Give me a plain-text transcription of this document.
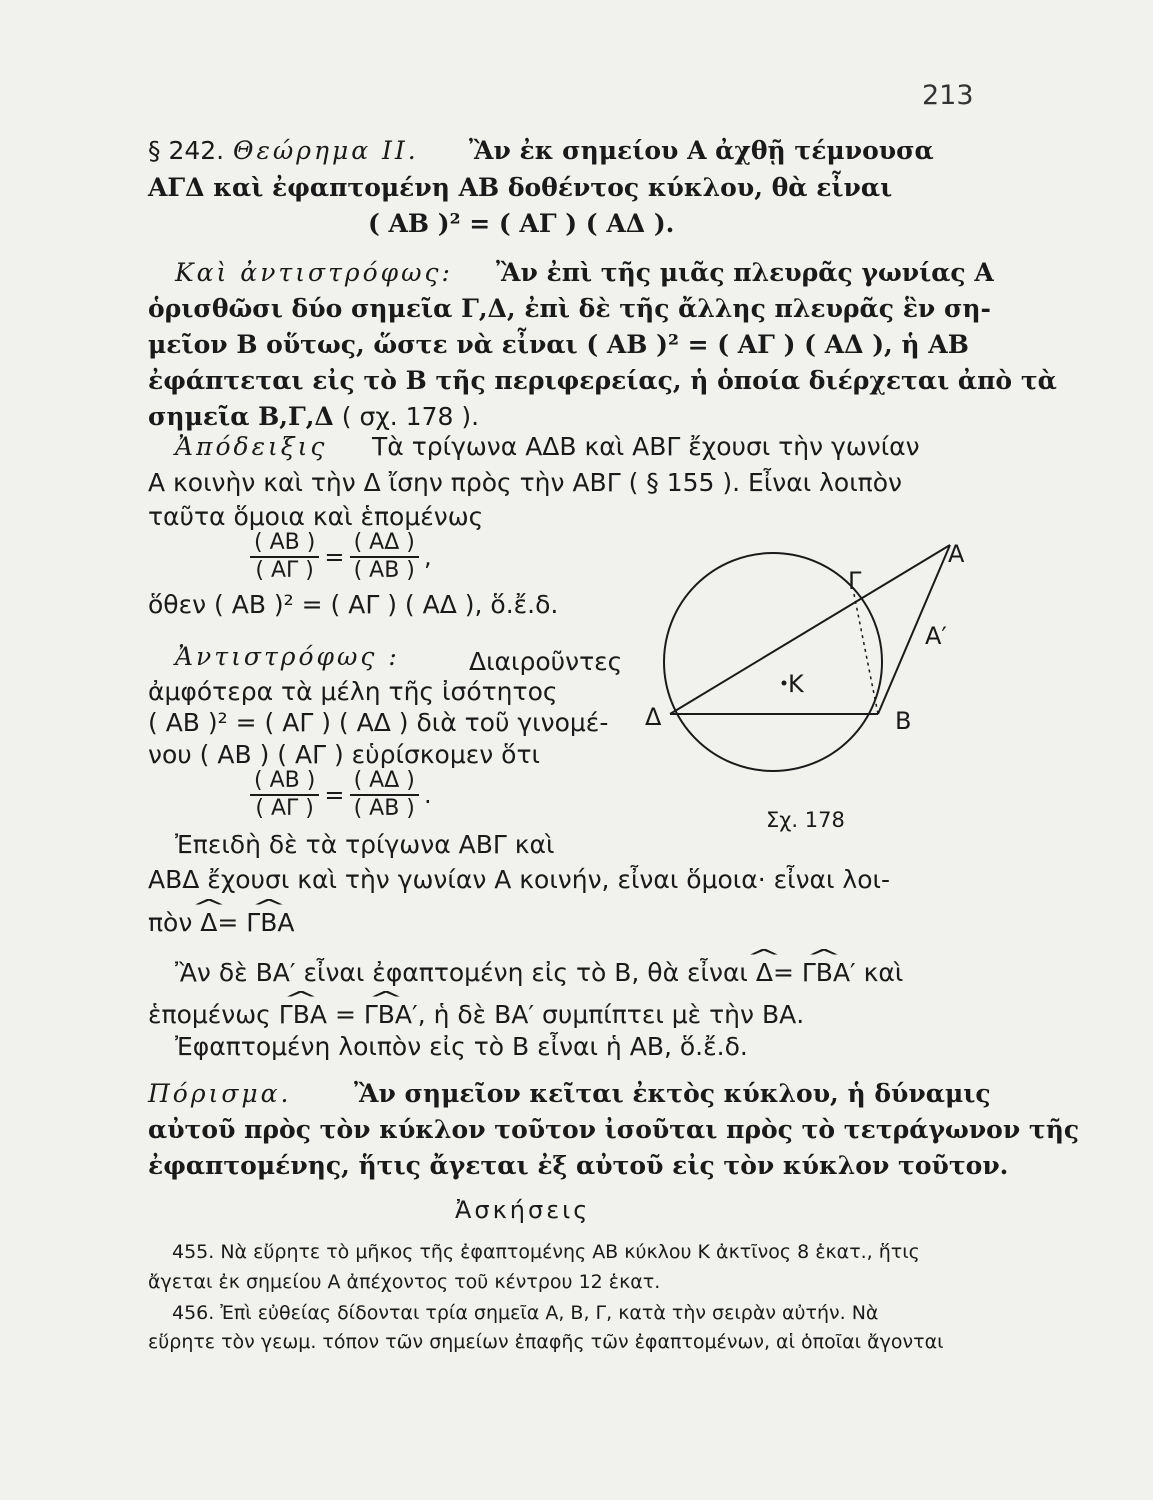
213
§ 242. Θεώρημα II. Ἂν ἐκ σημείου Α ἀχθῇ τέμνουσα
ΑΓΔ καὶ ἐφαπτομένη ΑΒ δοθέντος κύκλου, θὰ εἶναι
( ΑΒ )² = ( ΑΓ ) ( ΑΔ ).
Καὶ ἀντιστρόφως: Ἂν ἐπὶ τῆς μιᾶς πλευρᾶς γωνίας Α
ὁρισθῶσι δύο σημεῖα Γ,Δ, ἐπὶ δὲ τῆς ἄλλης πλευρᾶς ἓν ση-
μεῖον Β οὕτως, ὥστε νὰ εἶναι ( ΑΒ )² = ( ΑΓ ) ( ΑΔ ), ἡ ΑΒ
ἐφάπτεται εἰς τὸ Β τῆς περιφερείας, ἡ ὁποία διέρχεται ἀπὸ τὰ
σημεῖα Β,Γ,Δ ( σχ. 178 ).
Ἀπόδειξις Τὰ τρίγωνα ΑΔΒ καὶ ΑΒΓ ἔχουσι τὴν γωνίαν
Α κοινὴν καὶ τὴν Δ ἴσην πρὸς τὴν ΑΒΓ ( § 155 ). Εἶναι λοιπὸν
ταῦτα ὅμοια καὶ ἑπομένως
$\frac{( AB )}{( A\Gamma )} = \frac{( A\Delta )}{( AB )}$ ,
ὅθεν ( ΑΒ )² = ( ΑΓ ) ( ΑΔ ), ὅ.ἔ.δ.
Ἀντιστρόφως :	Διαιροῦντες
ἀμφότερα τὰ μέλη τῆς ἰσότητος
( ΑΒ )² = ( ΑΓ ) ( ΑΔ ) διὰ τοῦ γινομέ-
νου ( ΑΒ ) ( ΑΓ ) εὑρίσκομεν ὅτι
$\frac{( AB )}{( A\Gamma )} = \frac{( A\Delta )}{( AB )}$ .
Ἐπειδὴ δὲ τὰ τρίγωνα ΑΒΓ καὶ
ΑΒΔ ἔχουσι καὶ τὴν γωνίαν Α κοινήν, εἶναι ὅμοια· εἶναι λοι-
πὸν ^ Δ= Γ^ ΒΑ
Ἂν δὲ ΒΑ′ εἶναι ἐφαπτομένη εἰς τὸ Β, θὰ εἶναι ^ Δ= Γ^ ΒΑ′ καὶ
ἑπομένως Γ^ ΒΑ = Γ^ ΒΑ′, ἡ δὲ ΒΑ′ συμπίπτει μὲ τὴν ΒΑ.
Ἐφαπτομένη λοιπὸν εἰς τὸ Β εἶναι ἡ ΑΒ, ὅ.ἔ.δ.
Πόρισμα.	Ἂν σημεῖον κεῖται ἐκτὸς κύκλου, ἡ δύναμις
αὐτοῦ πρὸς τὸν κύκλον τοῦτον ἰσοῦται πρὸς τὸ τετράγωνον τῆς
ἐφαπτομένης, ἥτις ἄγεται ἐξ αὐτοῦ εἰς τὸν κύκλον τοῦτον.
Ἀσκήσεις
455. Νὰ εὕρητε τὸ μῆκος τῆς ἐφαπτομένης ΑΒ κύκλου Κ ἀκτῖνος 8 ἑκατ., ἥτις
ἄγεται ἐκ σημείου Α ἀπέχοντος τοῦ κέντρου 12 ἑκατ.
456. Ἐπὶ εὐθείας δίδονται τρία σημεῖα Α, Β, Γ, κατὰ τὴν σειρὰν αὐτήν. Νὰ
εὕρητε τὸν γεωμ. τόπον τῶν σημείων ἐπαφῆς τῶν ἐφαπτομένων, αἱ ὁποῖαι ἄγονται
Α
Α′
Γ
Κ
Δ	Β
Σχ. 178
